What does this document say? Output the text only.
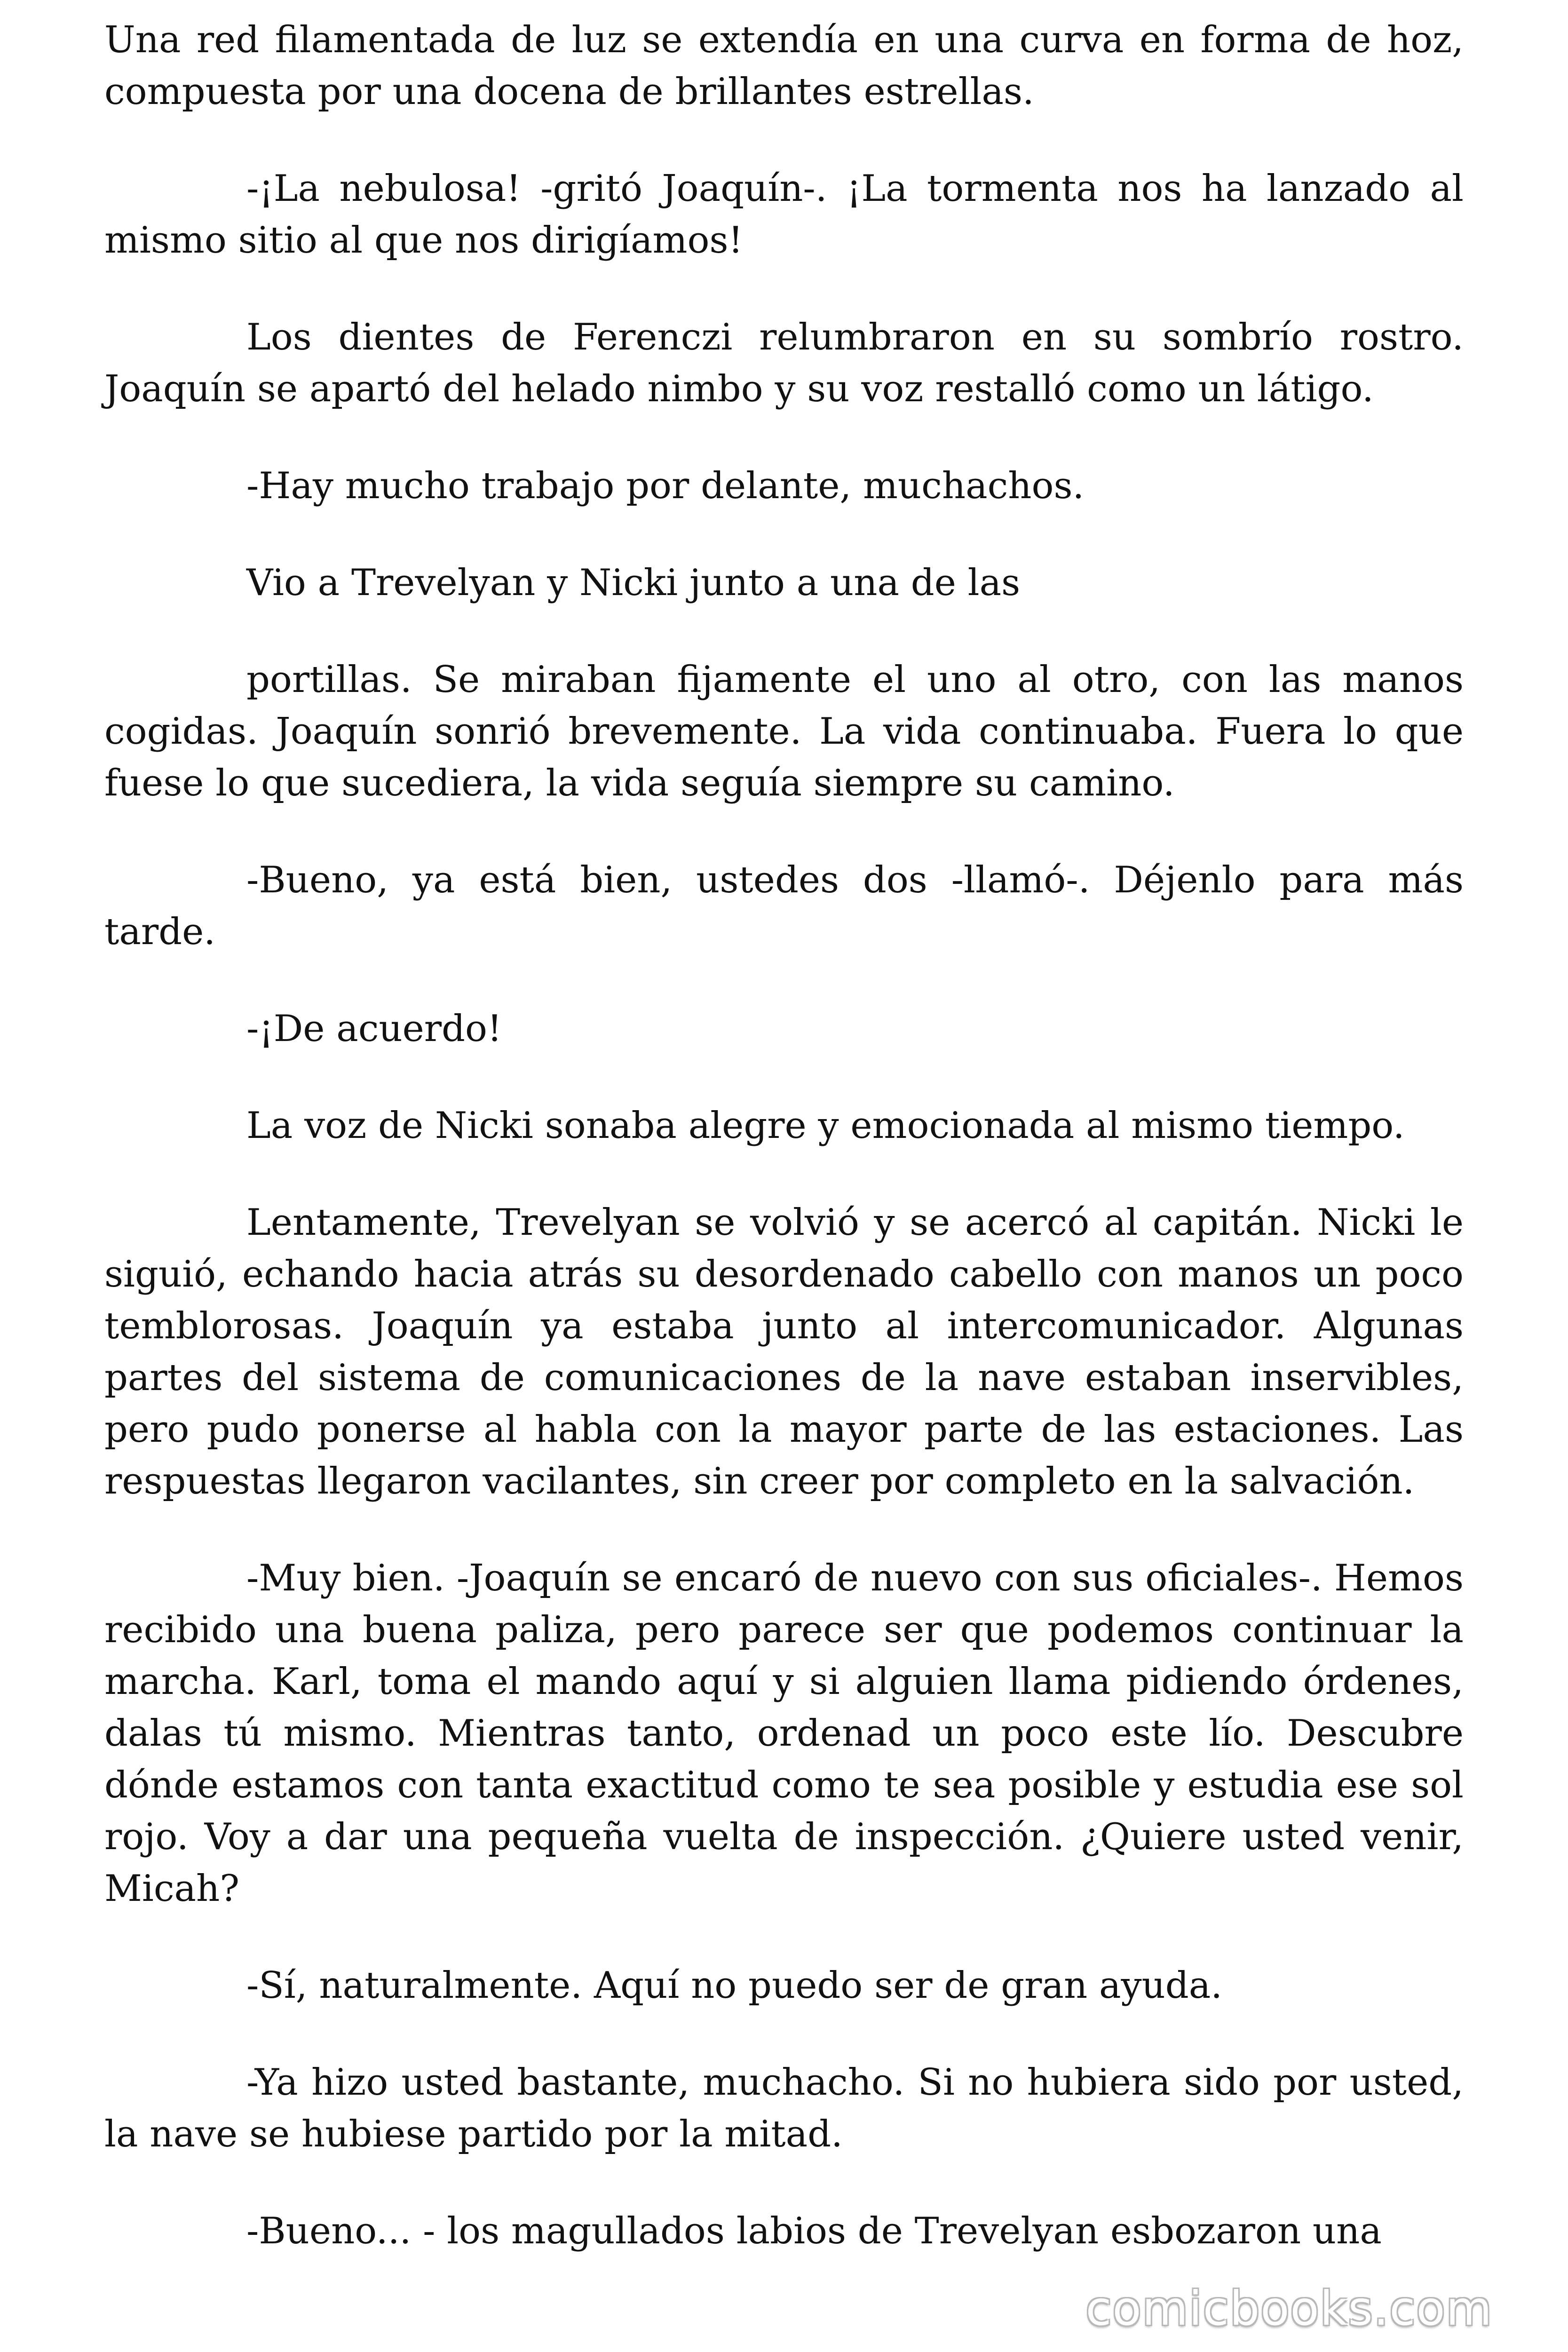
Una red filamentada de luz se extendía en una curva en forma de hoz, compuesta por una docena de brillantes estrellas.

-¡La nebulosa! -gritó Joaquín-. ¡La tormenta nos ha lanzado al mismo sitio al que nos dirigíamos!

Los dientes de Ferenczi relumbraron en su sombrío rostro. Joaquín se apartó del helado nimbo y su voz restalló como un látigo.

-Hay mucho trabajo por delante, muchachos.

Vio a Trevelyan y Nicki junto a una de las

portillas. Se miraban fijamente el uno al otro, con las manos cogidas. Joaquín sonrió brevemente. La vida continuaba. Fuera lo que fuese lo que sucediera, la vida seguía siempre su camino.

-Bueno, ya está bien, ustedes dos -llamó-. Déjenlo para más tarde.

-¡De acuerdo!

La voz de Nicki sonaba alegre y emocionada al mismo tiempo.

Lentamente, Trevelyan se volvió y se acercó al capitán. Nicki le siguió, echando hacia atrás su desordenado cabello con manos un poco temblorosas. Joaquín ya estaba junto al intercomunicador. Algunas partes del sistema de comunicaciones de la nave estaban inservibles, pero pudo ponerse al habla con la mayor parte de las estaciones. Las respuestas llegaron vacilantes, sin creer por completo en la salvación.

-Muy bien. -Joaquín se encaró de nuevo con sus oficiales-. Hemos recibido una buena paliza, pero parece ser que podemos continuar la marcha. Karl, toma el mando aquí y si alguien llama pidiendo órdenes, dalas tú mismo. Mientras tanto, ordenad un poco este lío. Descubre dónde estamos con tanta exactitud como te sea posible y estudia ese sol rojo. Voy a dar una pequeña vuelta de inspección. ¿Quiere usted venir, Micah?

-Sí, naturalmente. Aquí no puedo ser de gran ayuda.

-Ya hizo usted bastante, muchacho. Si no hubiera sido por usted, la nave se hubiese partido por la mitad.

-Bueno... - los magullados labios de Trevelyan esbozaron una

comicbooks.com
